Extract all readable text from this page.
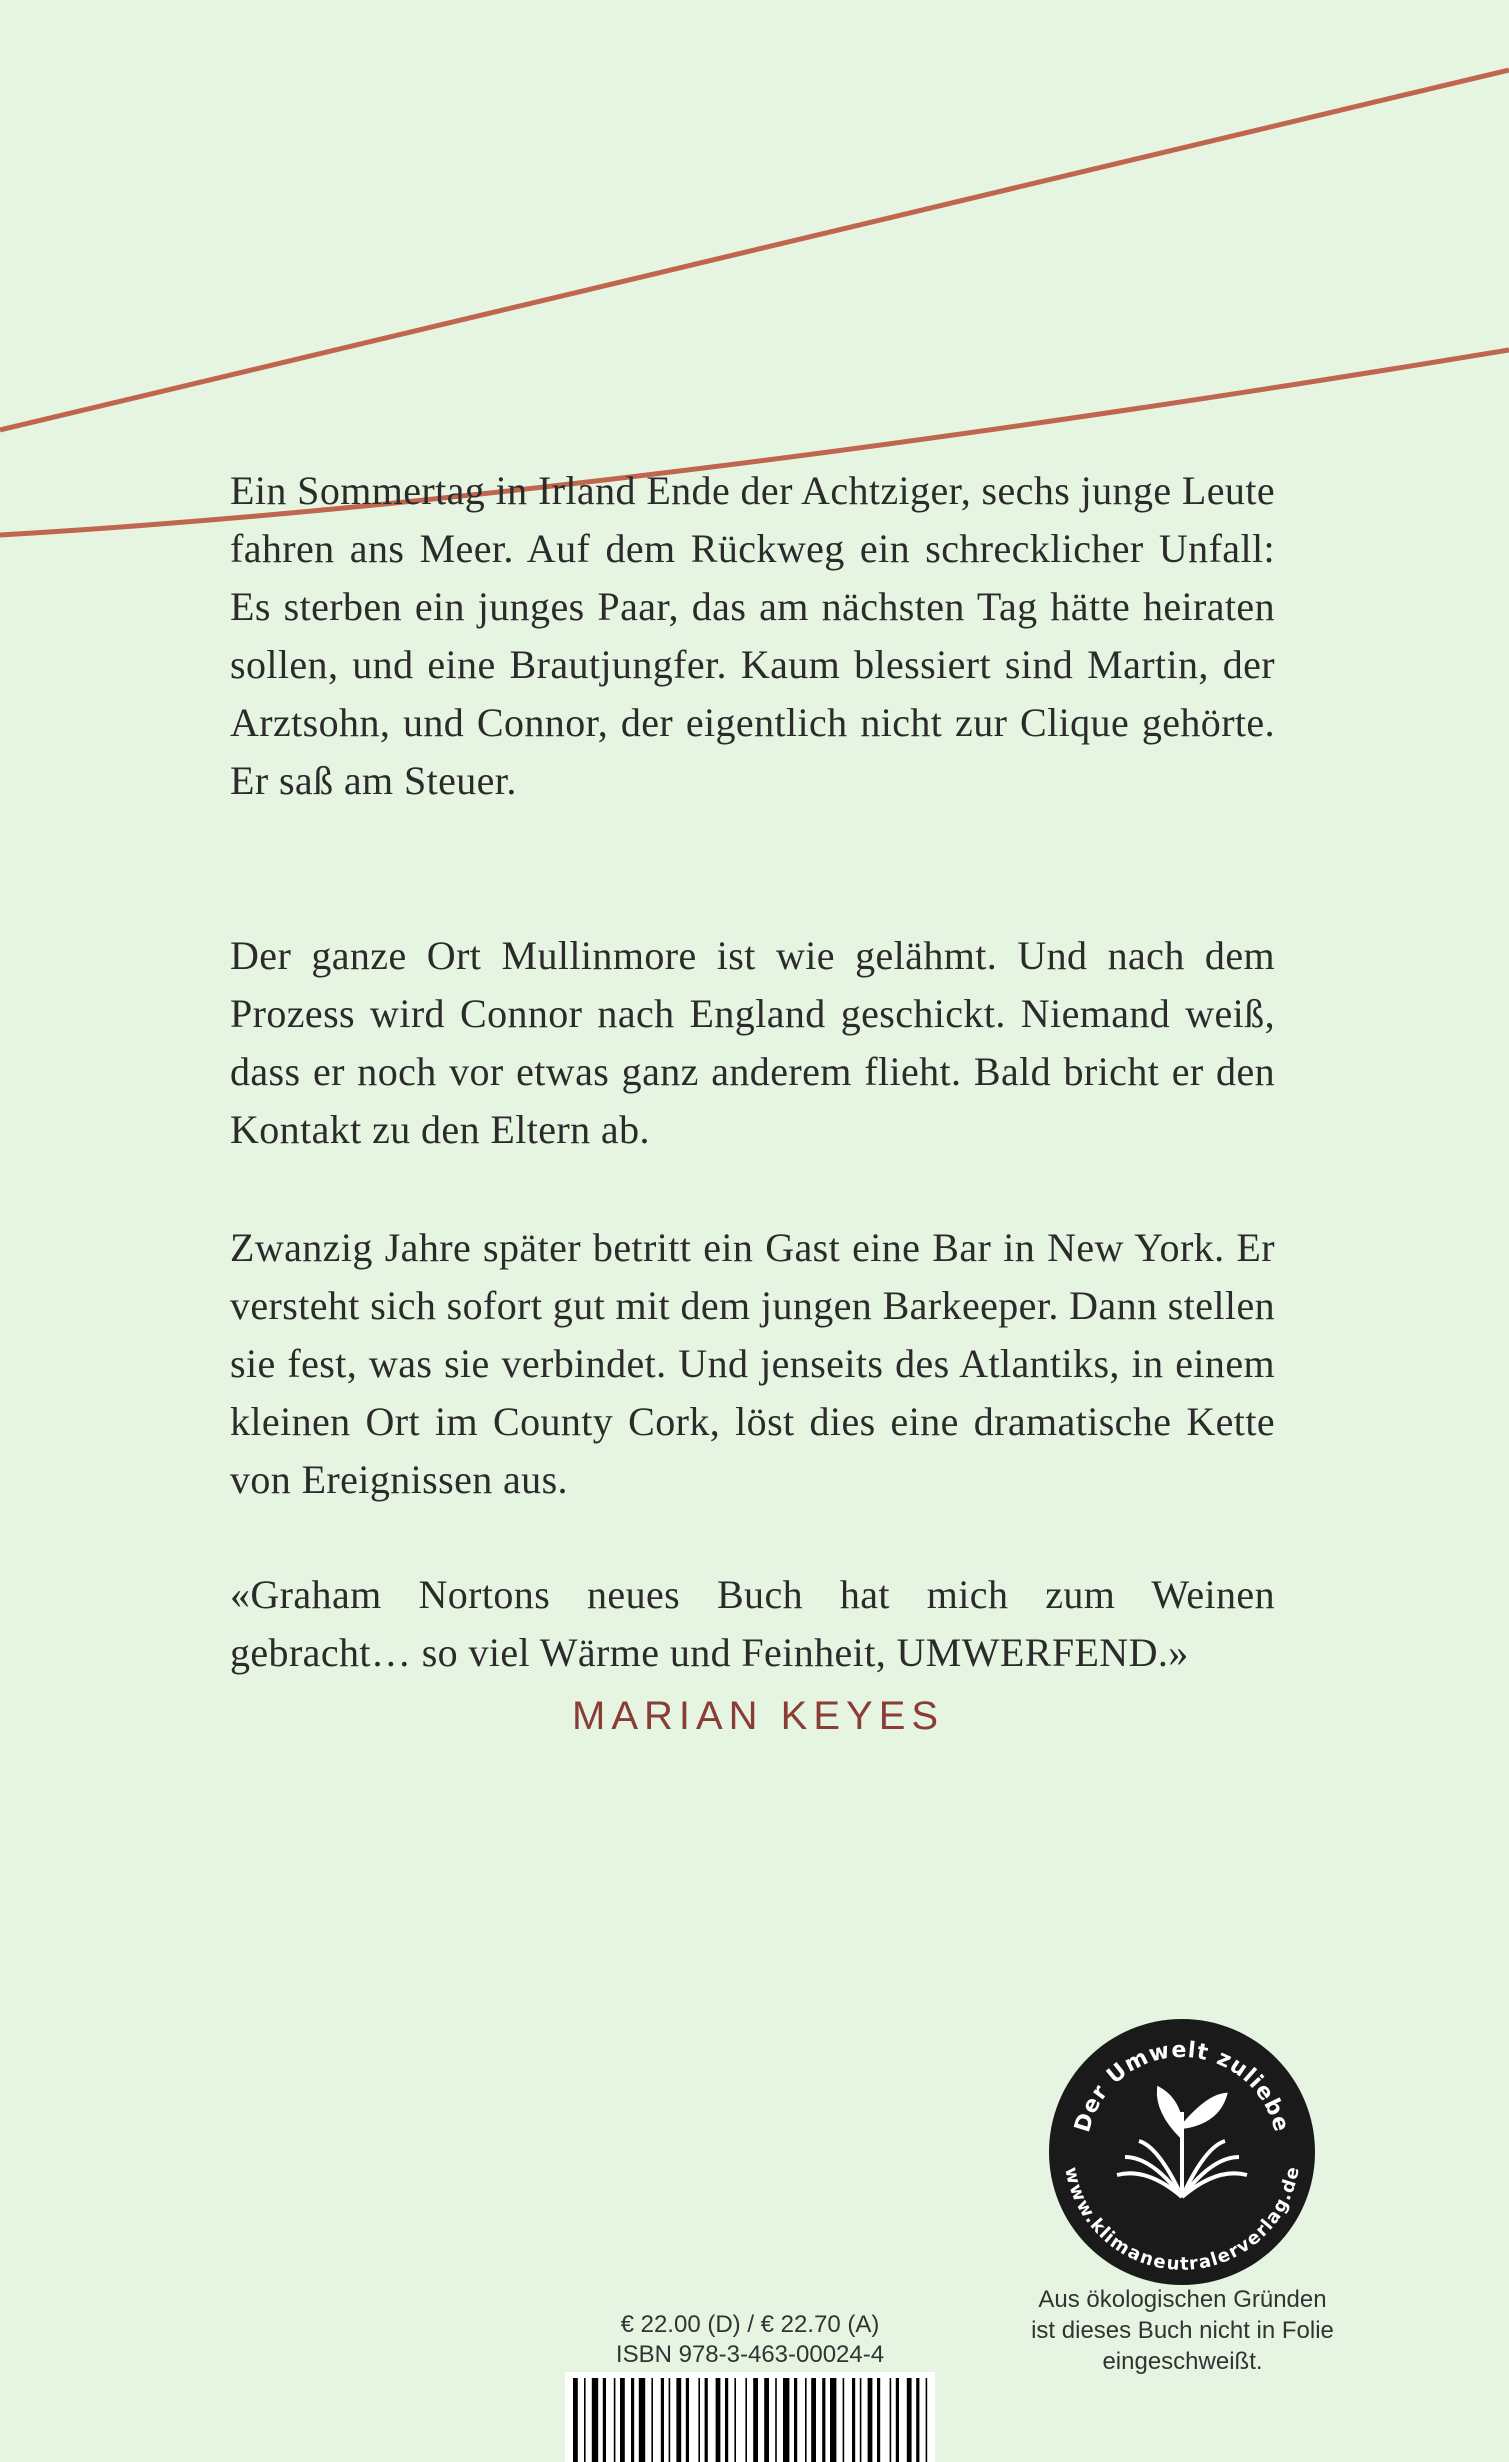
Ein Sommertag in Irland Ende der Achtziger, sechs junge Leute fahren ans Meer. Auf dem Rückweg ein schrecklicher Unfall: Es sterben ein junges Paar, das am nächsten Tag hätte heiraten sollen, und eine Brautjungfer. Kaum blessiert sind Martin, der Arztsohn, und Connor, der eigentlich nicht zur Clique gehörte. Er saß am Steuer.

Der ganze Ort Mullinmore ist wie gelähmt. Und nach dem Prozess wird Connor nach England geschickt. Niemand weiß, dass er noch vor etwas ganz anderem flieht. Bald bricht er den Kontakt zu den Eltern ab.

Zwanzig Jahre später betritt ein Gast eine Bar in New York. Er versteht sich sofort gut mit dem jungen Barkeeper. Dann stellen sie fest, was sie verbindet. Und jenseits des Atlantiks, in einem kleinen Ort im County Cork, löst dies eine dramatische Kette von Ereignissen aus.

«Graham Nortons neues Buch hat mich zum Weinen gebracht… so viel Wärme und Feinheit, UMWERFEND.»

MARIAN KEYES

Der Umwelt zuliebe
www.klimaneutralerverlag.de

Aus ökologischen Gründen
ist dieses Buch nicht in Folie
eingeschweißt.

€ 22.00 (D) / € 22.70 (A)
ISBN 978-3-463-00024-4
